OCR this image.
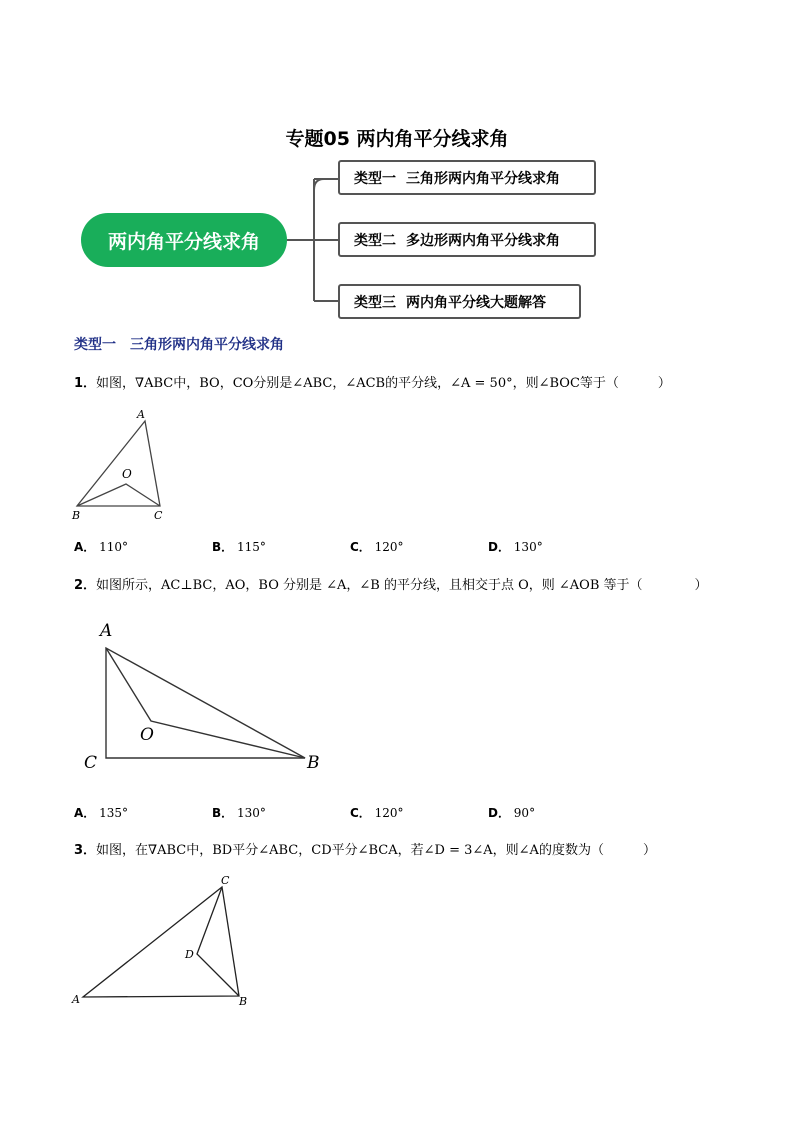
专题05 两内角平分线求角
两内角平分线求角
类型一 三角形两内角平分线求角
类型二 多边形两内角平分线求角
类型三 两内角平分线大题解答
类型一　三角形两内角平分线求角
1．如图，∇ABC中，BO，CO分别是∠ABC，∠ACB的平分线，∠A = 50°，则∠BOC等于（　　　）
A
O
B	C
A． 110°	B． 115°	C． 120°	D． 130°
2．如图所示，AC⊥BC，AO，BO 分别是 ∠A，∠B 的平分线，且相交于点 O，则 ∠AOB 等于（　　　　）
A
O
C	B
A． 135°	B． 130°	C． 120°	D． 90°
3．如图，在∇ABC中，BD平分∠ABC，CD平分∠BCA，若∠D = 3∠A，则∠A的度数为（　　　）
C
D
A	B
